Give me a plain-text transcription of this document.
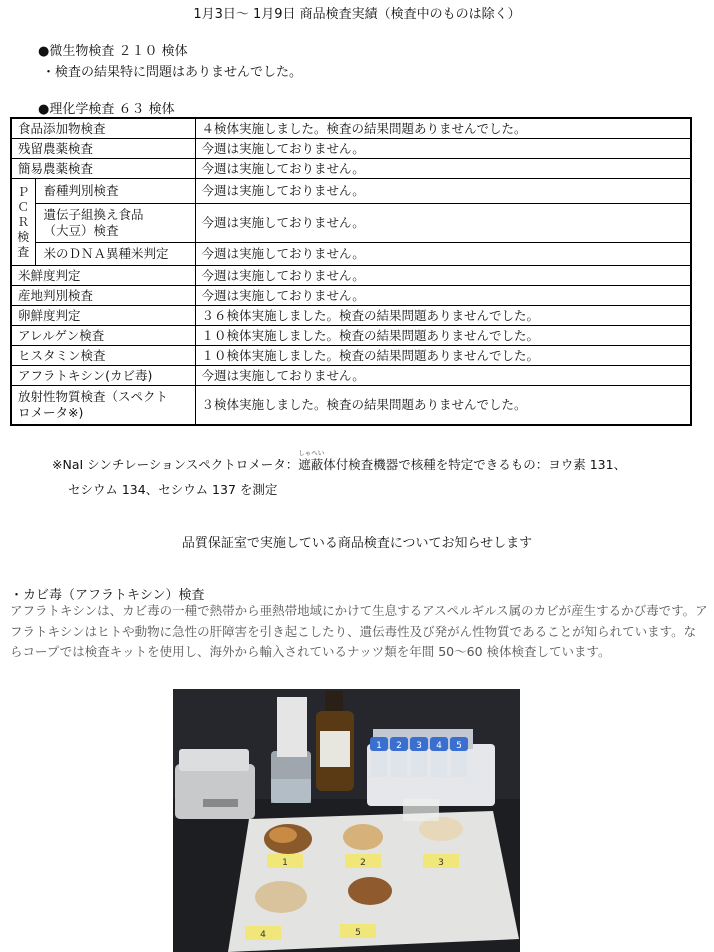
1月3日～ 1月9日 商品検査実績（検査中のものは除く）
●微生物検査 ２１０ 検体
・検査の結果特に問題はありませんでした。
●理化学検査 ６３ 検体
食品添加物検査		４検体実施しました。検査の結果問題ありませんでした。
残留農薬検査		今週は実施しておりません。
簡易農薬検査		今週は実施しておりません。
Ｐ
Ｃ
Ｒ
検
査	畜種判別検査	今週は実施しておりません。
	遺伝子組換え食品
（大豆）検査	今週は実施しておりません。
	米のＤＮＡ異種米判定	今週は実施しておりません。
米鮮度判定		今週は実施しておりません。
産地判別検査		今週は実施しておりません。
卵鮮度判定		３６検体実施しました。検査の結果問題ありませんでした。
アレルゲン検査		１０検体実施しました。検査の結果問題ありませんでした。
ヒスタミン検査		１０検体実施しました。検査の結果問題ありませんでした。
アフラトキシン(カビ毒)		今週は実施しておりません。
放射性物質検査（スペクト
ロメータ※)		３検体実施しました。検査の結果問題ありませんでした。
※NaI シンチレーションスペクトロメータ：
しゃへい
遮蔽体付検査機器で核種を特定できるもの：ヨウ素 131、
セシウム 134、セシウム 137 を測定
品質保証室で実施している商品検査についてお知らせします
・カビ毒（アフラトキシン）検査
アフラトキシンは、カビ毒の一種で熱帯から亜熱帯地域にかけて生息するアスペルギルス属のカビが産生するかび毒です。アフラトキシンはヒトや動物に急性の肝障害を引き起こしたり、遺伝毒性及び発がん性物質であることが知られています。ならコープでは検査キットを使用し、海外から輸入されているナッツ類を年間 50～60 検体検査しています。
1 2 3 4 5
1	2	3
4	5
